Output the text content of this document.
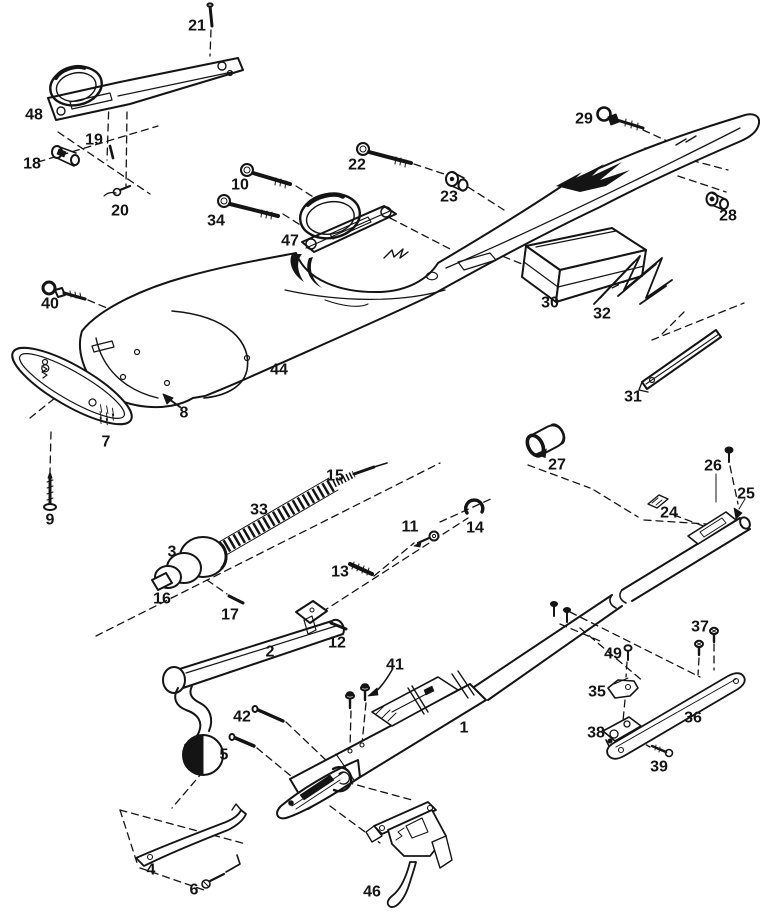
1
2
3
4
5
6
7
8
9
10
11
12
13
14
15
16
17
18
19
20
21
22
23
24
25
26
27
28
29
30
31
32
33
34
35
36
37
38
39
40
41
42
44
46
47
48
49
